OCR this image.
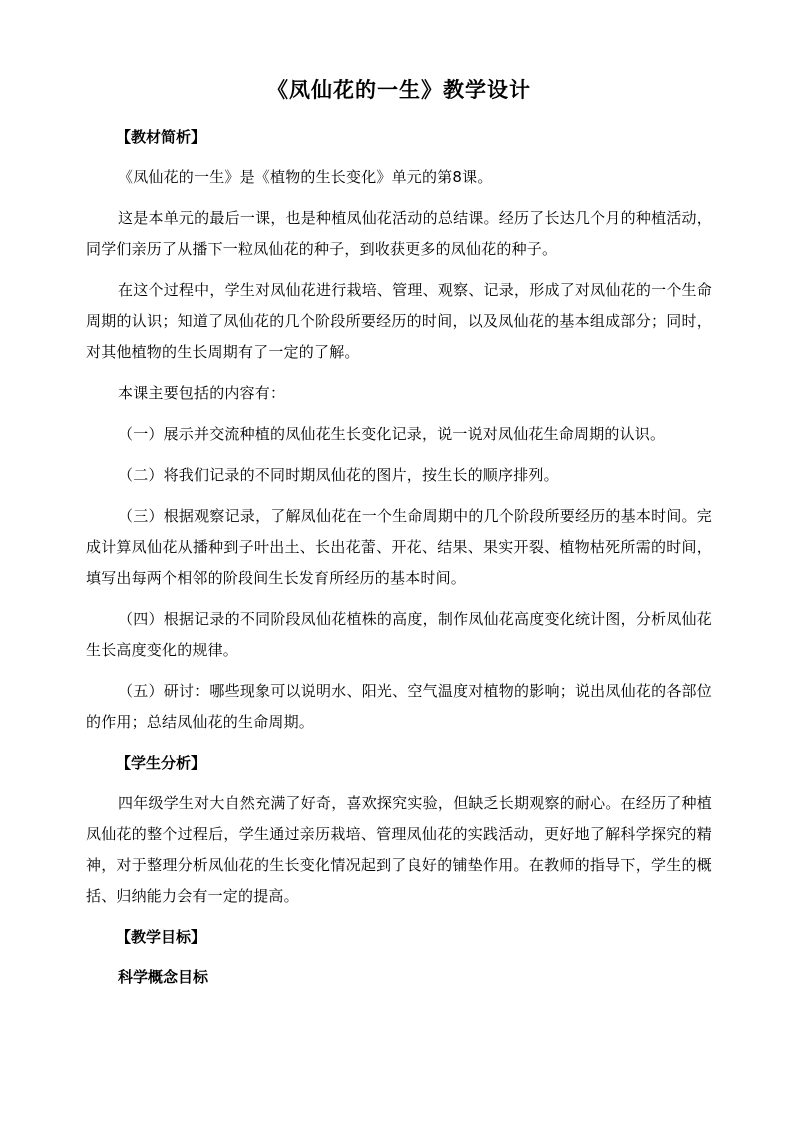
《凤仙花的一生》教学设计
【教材简析】

《凤仙花的一生》是《植物的生长变化》单元的第8课。

这是本单元的最后一课，也是种植凤仙花活动的总结课。经历了长达几个月的种植活动，同学们亲历了从播下一粒凤仙花的种子，到收获更多的凤仙花的种子。

在这个过程中，学生对凤仙花进行栽培、管理、观察、记录，形成了对凤仙花的一个生命周期的认识；知道了凤仙花的几个阶段所要经历的时间，以及凤仙花的基本组成部分；同时，对其他植物的生长周期有了一定的了解。

本课主要包括的内容有：

（一）展示并交流种植的凤仙花生长变化记录，说一说对凤仙花生命周期的认识。

（二）将我们记录的不同时期凤仙花的图片，按生长的顺序排列。

（三）根据观察记录，了解凤仙花在一个生命周期中的几个阶段所要经历的基本时间。完成计算凤仙花从播种到子叶出土、长出花蕾、开花、结果、果实开裂、植物枯死所需的时间，填写出每两个相邻的阶段间生长发育所经历的基本时间。

（四）根据记录的不同阶段凤仙花植株的高度，制作凤仙花高度变化统计图，分析凤仙花生长高度变化的规律。

（五）研讨：哪些现象可以说明水、阳光、空气温度对植物的影响；说出凤仙花的各部位的作用；总结凤仙花的生命周期。

【学生分析】

四年级学生对大自然充满了好奇，喜欢探究实验，但缺乏长期观察的耐心。在经历了种植凤仙花的整个过程后，学生通过亲历栽培、管理凤仙花的实践活动，更好地了解科学探究的精神，对于整理分析凤仙花的生长变化情况起到了良好的铺垫作用。在教师的指导下，学生的概括、归纳能力会有一定的提高。

【教学目标】
科学概念目标
